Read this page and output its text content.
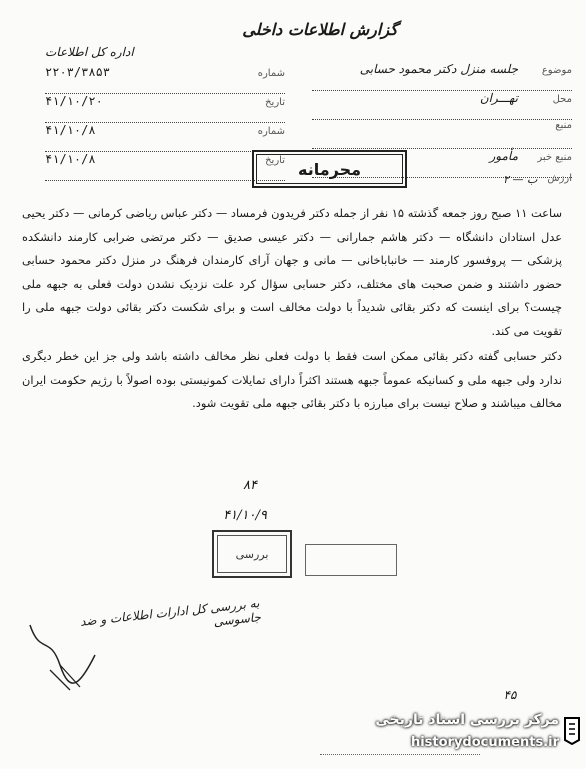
گزارش اطلاعات داخلی
اداره کل اطلاعات
شماره
۲۲۰۳/۳۸۵۳
تاریخ
۴۱/۱۰/۲۰
شماره
۴۱/۱۰/۸
تاریخ
۴۱/۱۰/۸
موضوع
جلسه منزل دکتر محمود حسابی
محل
تهـــران
منبع
منبع خبر
مأمور
محرمانه	ارزش
ب — ۲

ساعت ۱۱ صبح روز جمعه گذشته ۱۵ نفر از جمله دکتر فریدون فرمساد — دکتر عباس ریاضی کرمانی — دکتر یحیی عدل استادان دانشگاه — دکتر هاشم جمارانی — دکتر عیسی صدیق — دکتر مرتضی ضرابی کارمند دانشکده پزشکی — پروفسور کارمند — خانباباخانی — مانی و جهان آرای کارمندان فرهنگ در منزل دکتر محمود حسابی حضور داشتند و ضمن صحبت های مختلف، دکتر حسابی سؤال کرد علت نزدیک نشدن دولت فعلی به جبهه ملی چیست؟ برای اینست که دکتر بقائی شدیداً با دولت مخالف است و برای شکست دکتر بقائی دولت جبهه ملی را تقویت می کند.

دکتر حسابی گفته دکتر بقائی ممکن است فقط با دولت فعلی نظر مخالف داشته باشد ولی جز این خطر دیگری ندارد ولی جبهه ملی و کسانیکه عموماً جبهه هستند اکثراً دارای تمایلات کمونیستی بوده اصولاً با رژیم حکومت ایران مخالف میباشند و صلاح نیست برای مبارزه با دکتر بقائی جبهه ملی تقویت شود.

۸۴
۴۱/۱۰/۹
بررسی
به بررسی کل ادارات اطلاعات و ضد جاسوسی
۴۵
مرکز بررسی اسناد تاریخی
historydocuments.ir
